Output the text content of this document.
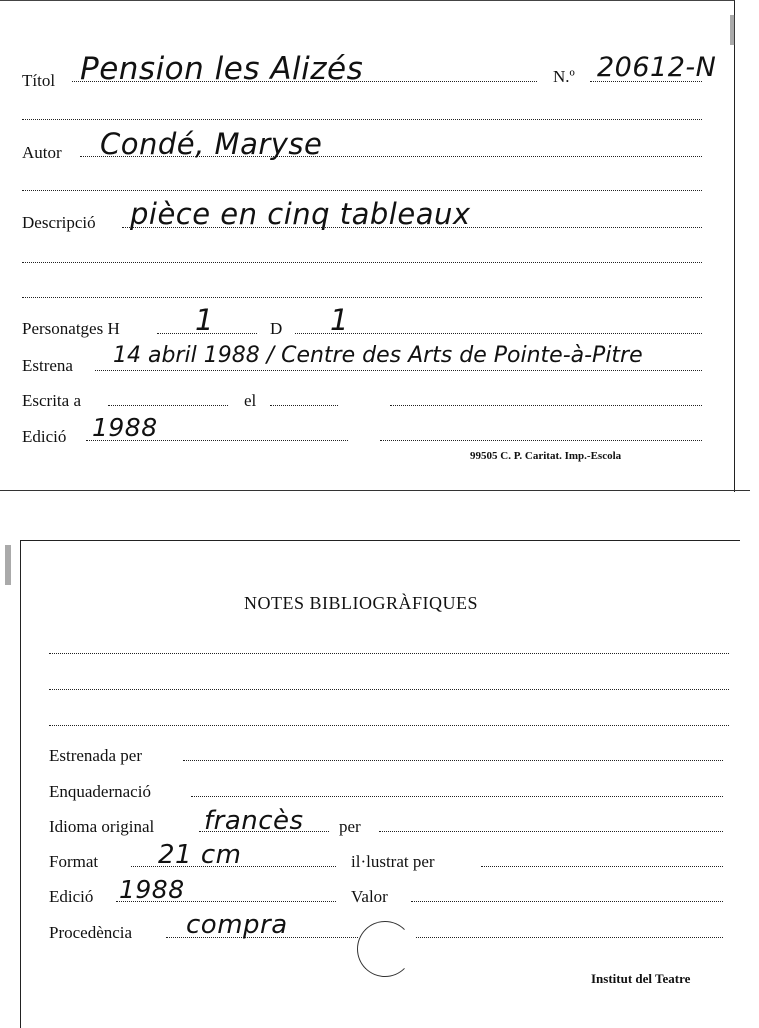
Títol Pension les Alizés	N.º 20612-N
Autor Condé, Maryse
Descripció pièce en cinq tableaux
Personatges H	1	D 1
Estrena 14 abril 1988 / Centre des Arts de Pointe-à-Pitre
Escrita a	el
Edició 1988
99505 C. P. Caritat. Imp.-Escola
NOTES BIBLIOGRÀFIQUES
Estrenada per
Enquadernació
Idioma original francès per
Format 21 cm	il·lustrat per
Edició 1988	Valor
Procedència compra
Institut del Teatre
